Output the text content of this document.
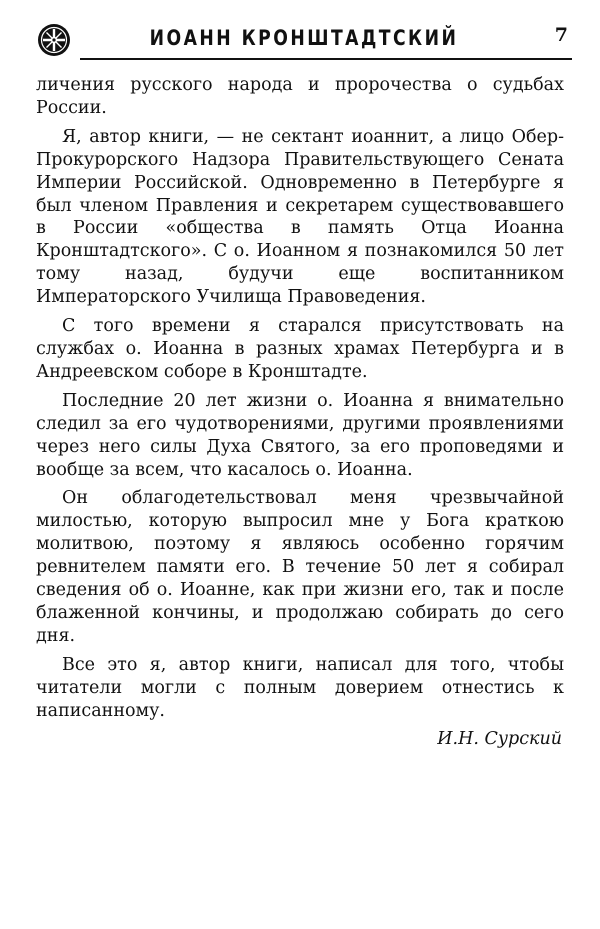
ИОАНН КРОНШТАДТСКИЙ	7

личения русского народа и пророчества о судьбах России.

Я, автор книги, — не сектант иоаннит, а лицо Обер-Прокурорского Надзора Правительствующего Сената Империи Российской. Одновременно в Петербурге я был членом Правления и секретарем существовавшего в России «общества в память Отца Иоанна Кронштадтского». С о. Иоанном я познакомился 50 лет тому назад, будучи еще воспитанником Императорского Училища Правоведения.

С того времени я старался присутствовать на службах о. Иоанна в разных храмах Петербурга и в Андреевском соборе в Кронштадте.

Последние 20 лет жизни о. Иоанна я внимательно следил за его чудотворениями, другими проявлениями через него силы Духа Святого, за его проповедями и вообще за всем, что касалось о. Иоанна.

Он облагодетельствовал меня чрезвычайной милостью, которую выпросил мне у Бога краткою молитвою, поэтому я являюсь особенно горячим ревнителем памяти его. В течение 50 лет я собирал сведения об о. Иоанне, как при жизни его, так и после блаженной кончины, и продолжаю собирать до сего дня.

Все это я, автор книги, написал для того, чтобы читатели могли с полным доверием отнестись к написанному.

И.Н. Сурский
